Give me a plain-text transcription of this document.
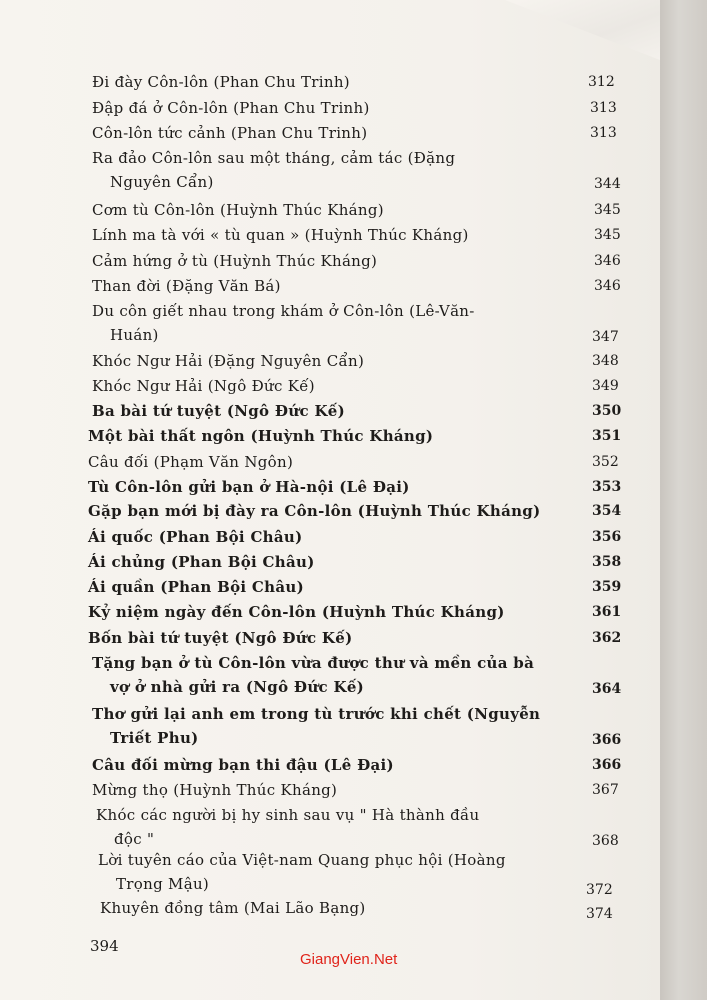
Đi đày Côn-lôn (Phan Chu Trinh)	312
Đập đá ở Côn-lôn (Phan Chu Trinh)	313
Côn-lôn tức cảnh (Phan Chu Trinh)	313
Ra đảo Côn-lôn sau một tháng, cảm tác (Đặng
Nguyên Cẩn)	344
Cơm tù Côn-lôn (Huỳnh Thúc Kháng)	345
Lính ma tà với « tù quan » (Huỳnh Thúc Kháng)	345
Cảm hứng ở tù (Huỳnh Thúc Kháng)	346
Than đời (Đặng Văn Bá)	346
Du côn giết nhau trong khám ở Côn-lôn (Lê-Văn-
Huán)	347
Khóc Ngư Hải (Đặng Nguyên Cẩn)	348
Khóc Ngư Hải (Ngô Đức Kế)	349
Ba bài tứ tuyệt (Ngô Đức Kế)	350
Một bài thất ngôn (Huỳnh Thúc Kháng)	351
Câu đối (Phạm Văn Ngôn)	352
Tù Côn-lôn gửi bạn ở Hà-nội (Lê Đại)	353
Gặp bạn mới bị đày ra Côn-lôn (Huỳnh Thúc Kháng)	354
Ái quốc (Phan Bội Châu)	356
Ái chủng (Phan Bội Châu)	358
Ái quần (Phan Bội Châu)	359
Kỷ niệm ngày đến Côn-lôn (Huỳnh Thúc Kháng)	361
Bốn bài tứ tuyệt (Ngô Đức Kế)	362
Tặng bạn ở tù Côn-lôn vừa được thư và mền của bà
vợ ở nhà gửi ra (Ngô Đức Kế)	364
Thơ gửi lại anh em trong tù trước khi chết (Nguyễn
Triết Phu)	366
Câu đối mừng bạn thi đậu (Lê Đại)	366
Mừng thọ (Huỳnh Thúc Kháng)	367
Khóc các người bị hy sinh sau vụ " Hà thành đầu
độc "	368
Lời tuyên cáo của Việt-nam Quang phục hội (Hoàng
Trọng Mậu)	372
Khuyên đồng tâm (Mai Lão Bạng)	374
394
GiangVien.Net
